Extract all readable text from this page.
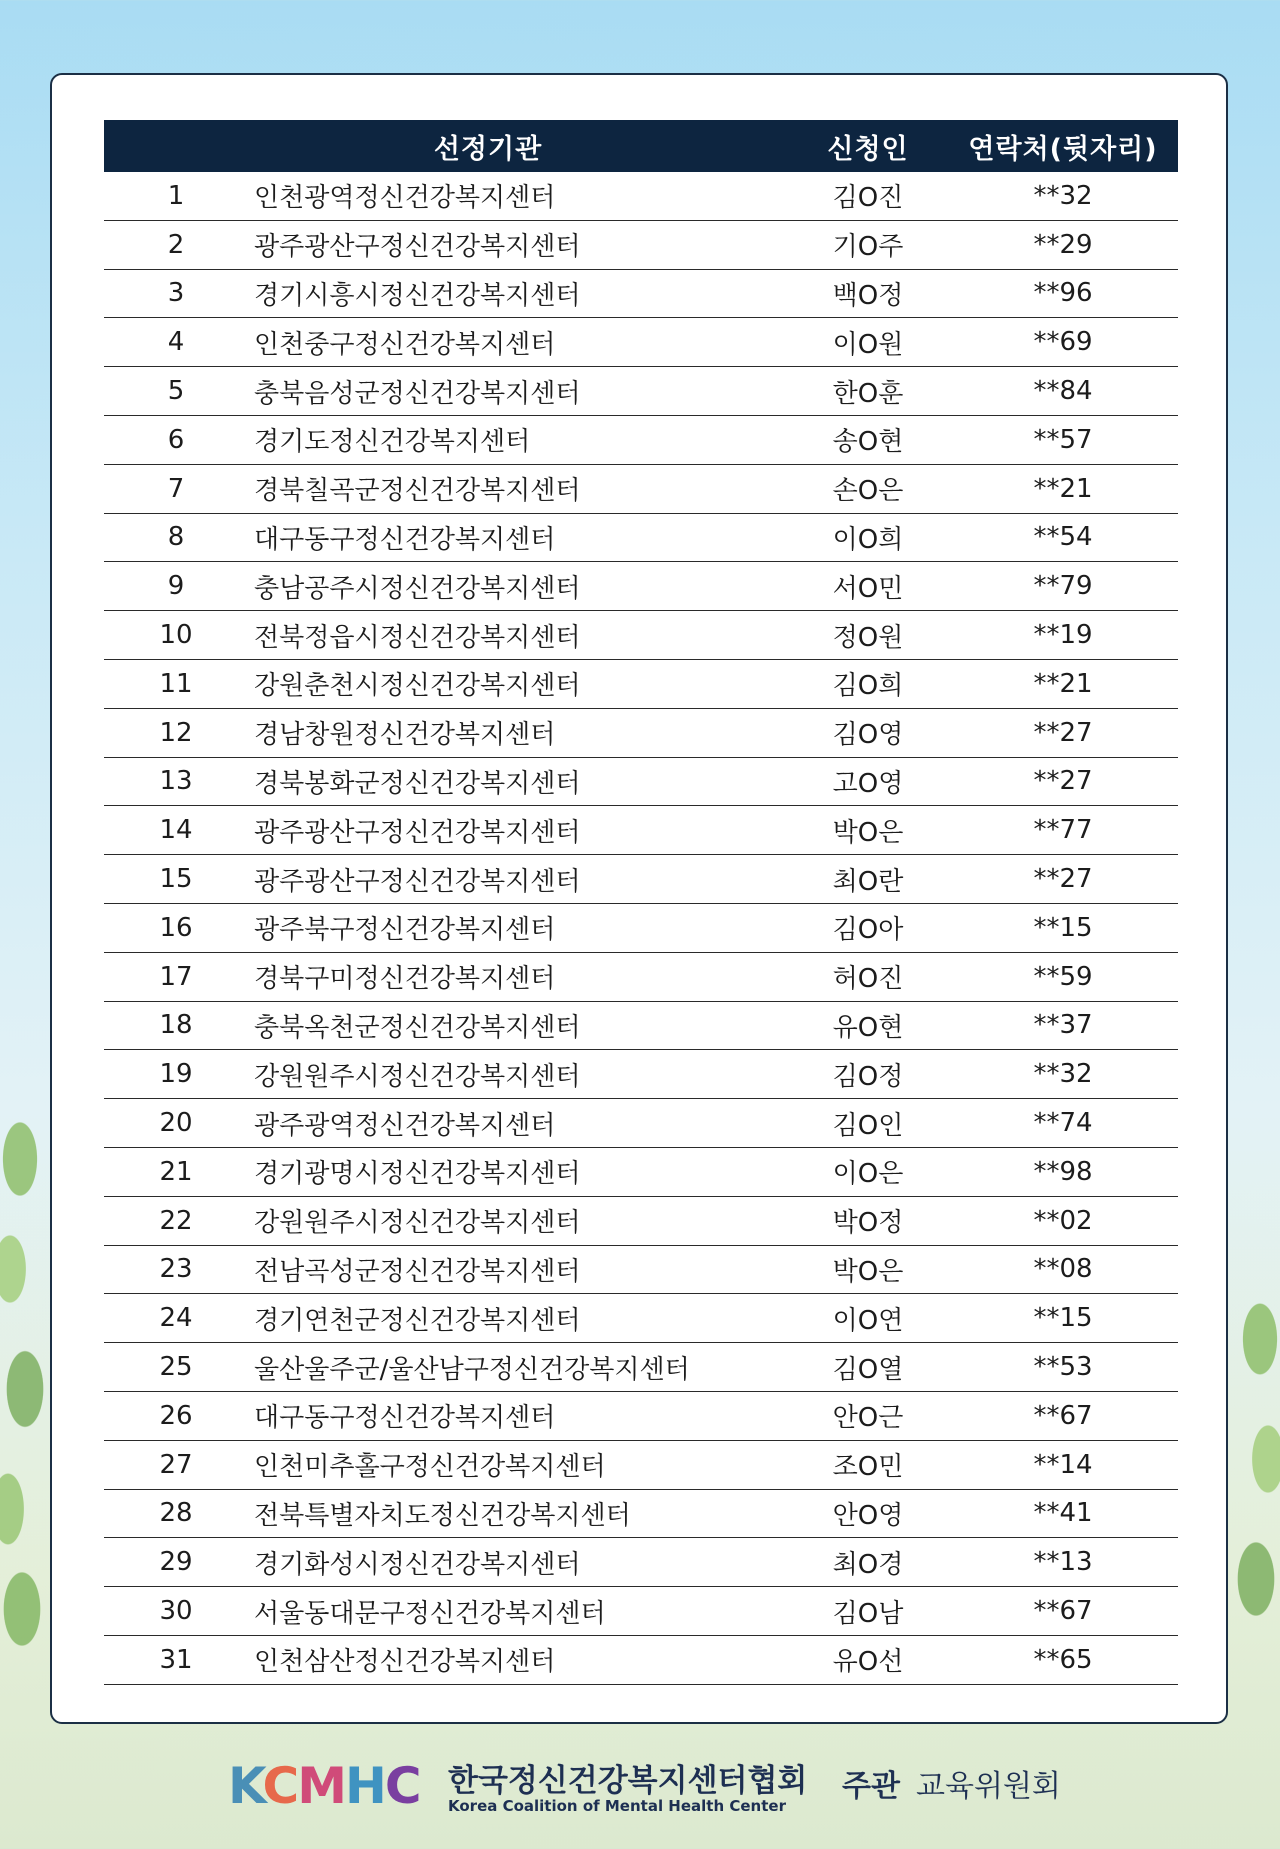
	선정기관	신청인	연락처(뒷자리)
1	인천광역정신건강복지센터	김O진	**32
2	광주광산구정신건강복지센터	기O주	**29
3	경기시흥시정신건강복지센터	백O정	**96
4	인천중구정신건강복지센터	이O원	**69
5	충북음성군정신건강복지센터	한O훈	**84
6	경기도정신건강복지센터	송O현	**57
7	경북칠곡군정신건강복지센터	손O은	**21
8	대구동구정신건강복지센터	이O희	**54
9	충남공주시정신건강복지센터	서O민	**79
10	전북정읍시정신건강복지센터	정O원	**19
11	강원춘천시정신건강복지센터	김O희	**21
12	경남창원정신건강복지센터	김O영	**27
13	경북봉화군정신건강복지센터	고O영	**27
14	광주광산구정신건강복지센터	박O은	**77
15	광주광산구정신건강복지센터	최O란	**27
16	광주북구정신건강복지센터	김O아	**15
17	경북구미정신건강복지센터	허O진	**59
18	충북옥천군정신건강복지센터	유O현	**37
19	강원원주시정신건강복지센터	김O정	**32
20	광주광역정신건강복지센터	김O인	**74
21	경기광명시정신건강복지센터	이O은	**98
22	강원원주시정신건강복지센터	박O정	**02
23	전남곡성군정신건강복지센터	박O은	**08
24	경기연천군정신건강복지센터	이O연	**15
25	울산울주군/울산남구정신건강복지센터	김O열	**53
26	대구동구정신건강복지센터	안O근	**67
27	인천미추홀구정신건강복지센터	조O민	**14
28	전북특별자치도정신건강복지센터	안O영	**41
29	경기화성시정신건강복지센터	최O경	**13
30	서울동대문구정신건강복지센터	김O남	**67
31	인천삼산정신건강복지센터	유O선	**65
KCMHC 한국정신건강복지센터협회
Korea Coalition of Mental Health Center
주관 교육위원회
